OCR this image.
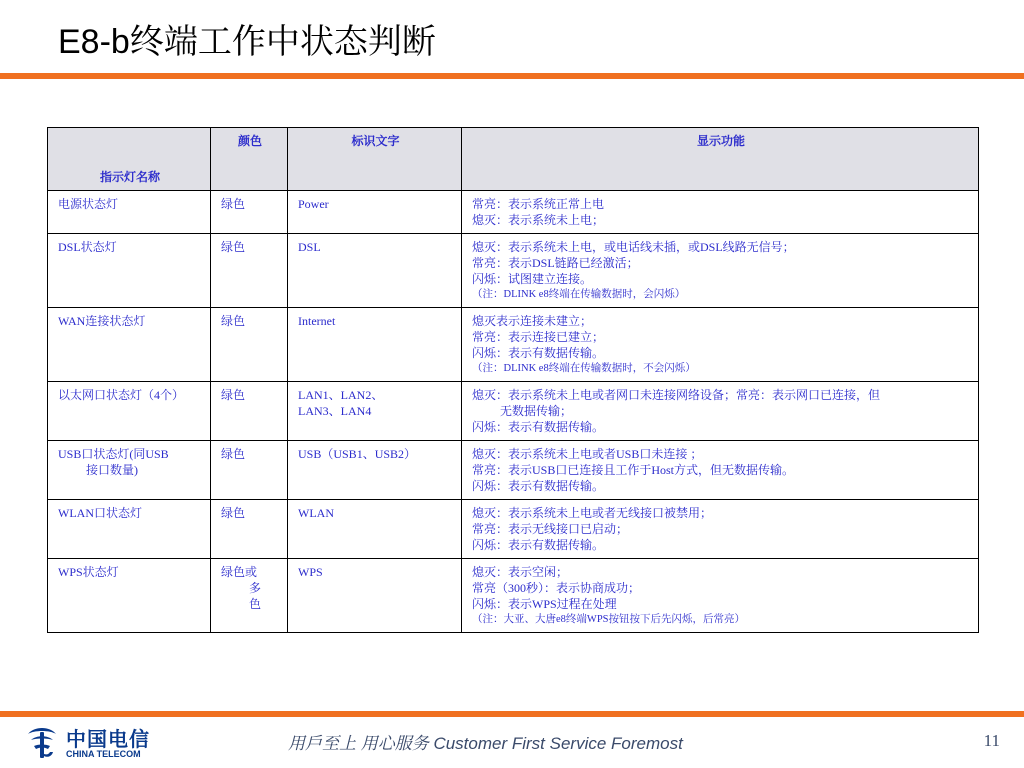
E8-b终端工作中状态判断
指示灯名称	颜色	标识文字	显示功能

电源状态灯	绿色	Power	常亮：表示系统正常上电
熄灭：表示系统未上电；

DSL状态灯	绿色	DSL	熄灭：表示系统未上电，或电话线未插，或DSL线路无信号；
常亮：表示DSL链路已经激活；
闪烁：试图建立连接。
（注：DLINK e8终端在传输数据时，会闪烁）

WAN连接状态灯	绿色	Internet	熄灭表示连接未建立；
常亮：表示连接已建立；
闪烁：表示有数据传输。
（注：DLINK e8终端在传输数据时，不会闪烁）

以太网口状态灯（4个）	绿色	LAN1、LAN2、
LAN3、LAN4	熄灭：表示系统未上电或者网口未连接网络设备；常亮：表示网口已连接，但
无数据传输；
闪烁：表示有数据传输。

USB口状态灯(同USB
接口数量)	绿色	USB（USB1、USB2）	熄灭：表示系统未上电或者USB口未连接 ；
常亮：表示USB口已连接且工作于Host方式，但无数据传输。
闪烁：表示有数据传输。

WLAN口状态灯	绿色	WLAN	熄灭：表示系统未上电或者无线接口被禁用；
常亮：表示无线接口已启动；
闪烁：表示有数据传输。

WPS状态灯	绿色或
多
色	WPS	熄灭：表示空闲；
常亮（300秒）：表示协商成功；
闪烁：表示WPS过程在处理
（注：大亚、大唐e8终端WPS按钮按下后先闪烁，后常亮）
中国电信
CHINA TELECOM
用戶至上 用心服务 Customer First Service Foremost	11
